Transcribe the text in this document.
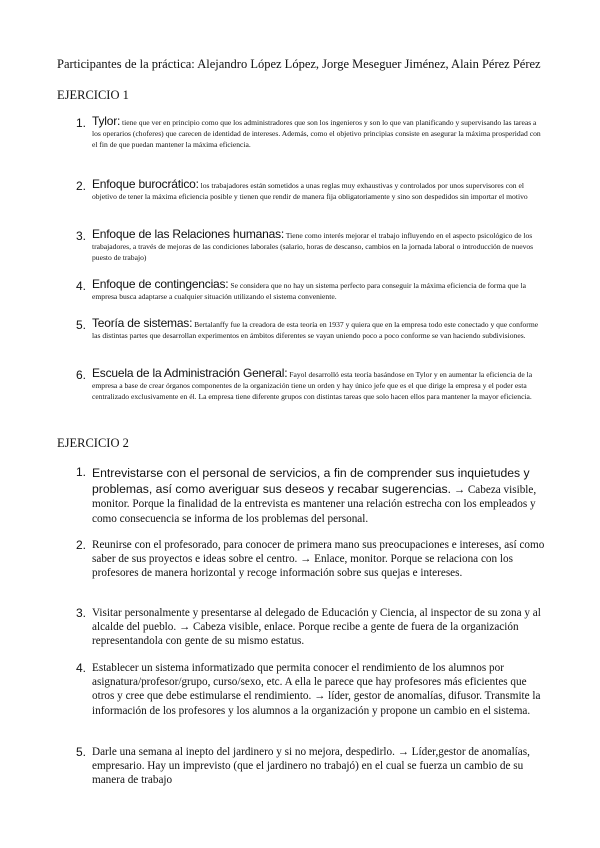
Participantes de la práctica: Alejandro López López, Jorge Meseguer Jiménez, Alain Pérez Pérez
EJERCICIO 1
1. Tylor: tiene que ver en principio como que los administradores que son los ingenieros y son lo que van planificando y supervisando las tareas a los operarios (choferes) que carecen de identidad de intereses. Además, como el objetivo principias consiste en asegurar la máxima prosperidad con el fin de que puedan mantener la máxima eficiencia.
2. Enfoque burocrático: los trabajadores están sometidos a unas reglas muy exhaustivas y controlados por unos supervisores con el objetivo de tener la máxima eficiencia posible y tienen que rendir de manera fija obligatoriamente y sino son despedidos sin importar el motivo
3. Enfoque de las Relaciones humanas: Tiene como interés mejorar el trabajo influyendo en el aspecto psicológico de los trabajadores, a través de mejoras de las condiciones laborales (salario, horas de descanso, cambios en la jornada laboral o introducción de nuevos puesto de trabajo)
4. Enfoque de contingencias: Se considera que no hay un sistema perfecto para conseguir la máxima eficiencia de forma que la empresa busca adaptarse a cualquier situación utilizando el sistema conveniente.
5. Teoría de sistemas: Bertalanffy fue la creadora de esta teoría en 1937 y quiera que en la empresa todo este conectado y que conforme las distintas partes que desarrollan experimentos en ámbitos diferentes se vayan uniendo poco a poco conforme se van haciendo subdivisiones.
6. Escuela de la Administración General: Fayol desarrolló esta teoría basándose en Tylor y en aumentar la eficiencia de la empresa a base de crear órganos componentes de la organización tiene un orden y hay único jefe que es el que dirige la empresa y el poder esta centralizado exclusivamente en él. La empresa tiene diferente grupos con distintas tareas que solo hacen ellos para mantener la mayor eficiencia.
EJERCICIO 2
1. Entrevistarse con el personal de servicios, a fin de comprender sus inquietudes y problemas, así como averiguar sus deseos y recabar sugerencias. → Cabeza visible, monitor. Porque la finalidad de la entrevista es mantener una relación estrecha con los empleados y como consecuencia se informa de los problemas del personal.
2. Reunirse con el profesorado, para conocer de primera mano sus preocupaciones e intereses, así como saber de sus proyectos e ideas sobre el centro. → Enlace, monitor. Porque se relaciona con los profesores de manera horizontal y recoge información sobre sus quejas e intereses.
3. Visitar personalmente y presentarse al delegado de Educación y Ciencia, al inspector de su zona y al alcalde del pueblo. → Cabeza visible, enlace. Porque recibe a gente de fuera de la organización representandola con gente de su mismo estatus.
4. Establecer un sistema informatizado que permita conocer el rendimiento de los alumnos por asignatura/profesor/grupo, curso/sexo, etc. A ella le parece que hay profesores más eficientes que otros y cree que debe estimularse el rendimiento. → líder, gestor de anomalías, difusor. Transmite la información de los profesores y los alumnos a la organización y propone un cambio en el sistema.
5. Darle una semana al inepto del jardinero y si no mejora, despedirlo. → Líder,gestor de anomalías, empresario. Hay un imprevisto (que el jardinero no trabajó) en el cual se fuerza un cambio de su manera de trabajo
